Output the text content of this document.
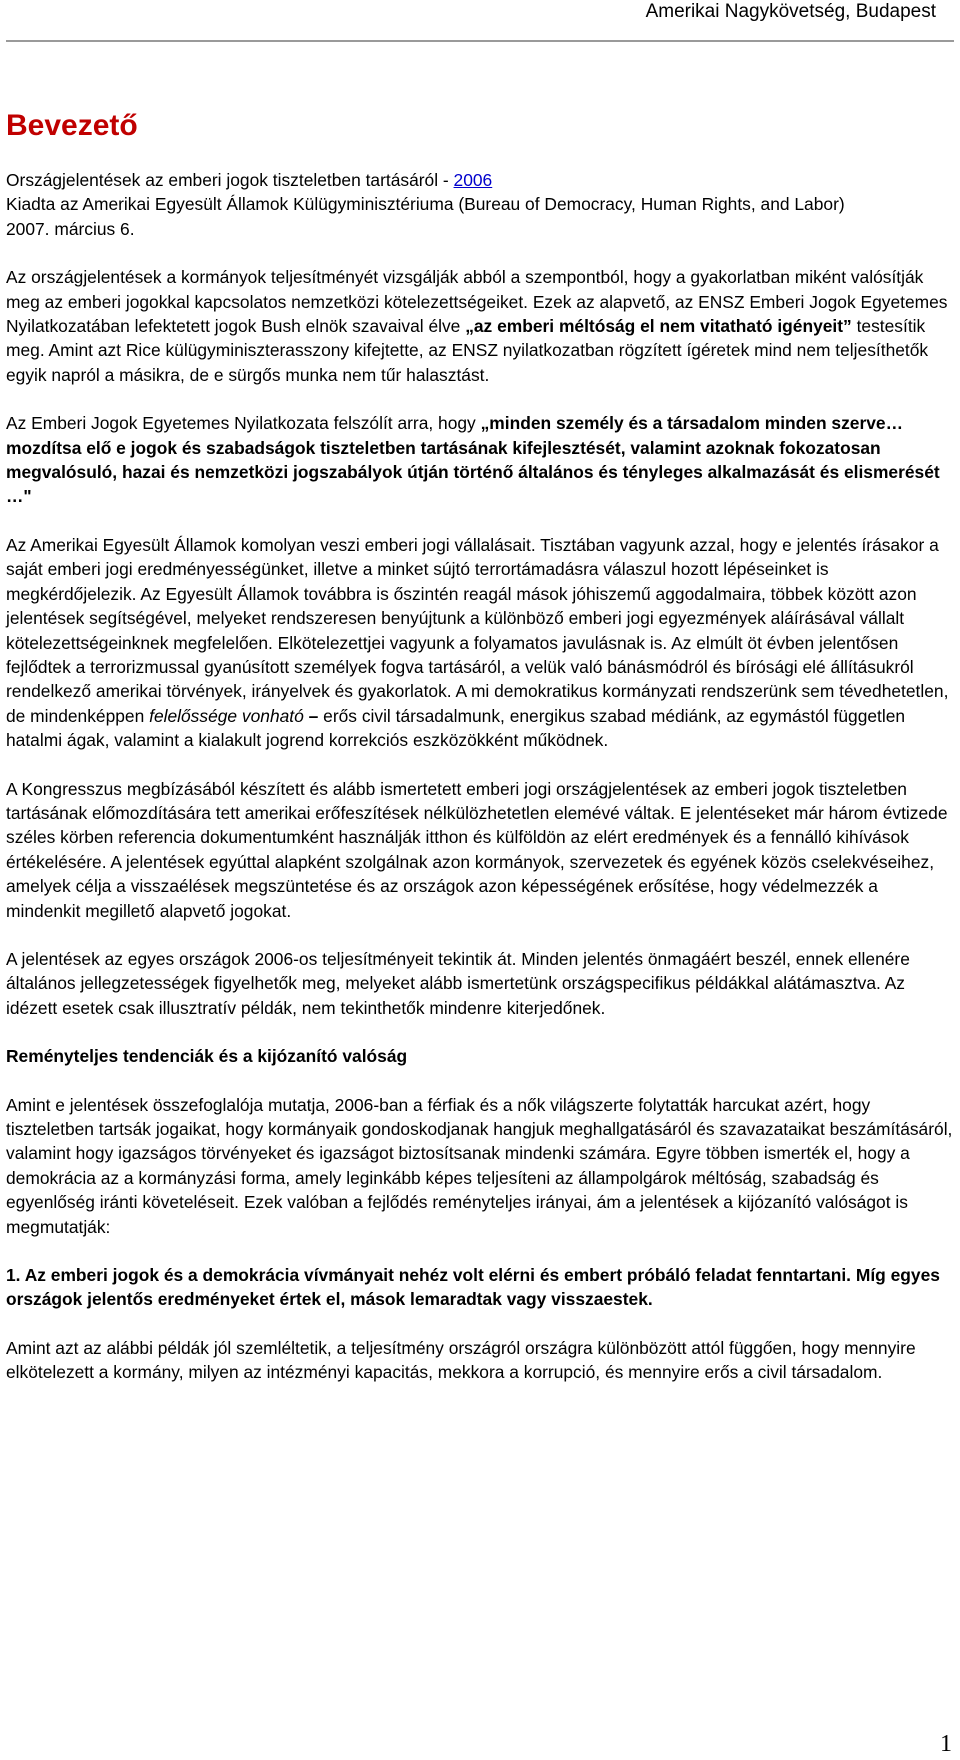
Amerikai Nagykövetség, Budapest
Bevezető

Országjelentések az emberi jogok tiszteletben tartásáról - 2006
Kiadta az Amerikai Egyesült Államok Külügyminisztériuma (Bureau of Democracy, Human Rights, and Labor)
2007. március 6.

Az országjelentések a kormányok teljesítményét vizsgálják abból a szempontból, hogy a gyakorlatban miként valósítják meg az emberi jogokkal kapcsolatos nemzetközi kötelezettségeiket. Ezek az alapvető, az ENSZ Emberi Jogok Egyetemes Nyilatkozatában lefektetett jogok Bush elnök szavaival élve „az emberi méltóság el nem vitatható igényeit” testesítik meg. Amint azt Rice külügyminiszterasszony kifejtette, az ENSZ nyilatkozatban rögzített ígéretek mind nem teljesíthetők egyik napról a másikra, de e sürgős munka nem tűr halasztást.

Az Emberi Jogok Egyetemes Nyilatkozata felszólít arra, hogy „minden személy és a társadalom minden szerve… mozdítsa elő e jogok és szabadságok tiszteletben tartásának kifejlesztését, valamint azoknak fokozatosan megvalósuló, hazai és nemzetközi jogszabályok útján történő általános és tényleges alkalmazását és elismerését …"

Az Amerikai Egyesült Államok komolyan veszi emberi jogi vállalásait. Tisztában vagyunk azzal, hogy e jelentés írásakor a saját emberi jogi eredményességünket, illetve a minket sújtó terrortámadásra válaszul hozott lépéseinket is megkérdőjelezik. Az Egyesült Államok továbbra is őszintén reagál mások jóhiszemű aggodalmaira, többek között azon jelentések segítségével, melyeket rendszeresen benyújtunk a különböző emberi jogi egyezmények aláírásával vállalt kötelezettségeinknek megfelelően. Elkötelezettjei vagyunk a folyamatos javulásnak is. Az elmúlt öt évben jelentősen fejlődtek a terrorizmussal gyanúsított személyek fogva tartásáról, a velük való bánásmódról és bírósági elé állításukról rendelkező amerikai törvények, irányelvek és gyakorlatok. A mi demokratikus kormányzati rendszerünk sem tévedhetetlen, de mindenképpen felelőssége vonható – erős civil társadalmunk, energikus szabad médiánk, az egymástól független hatalmi ágak, valamint a kialakult jogrend korrekciós eszközökként működnek.

A Kongresszus megbízásából készített és alább ismertetett emberi jogi országjelentések az emberi jogok tiszteletben tartásának előmozdítására tett amerikai erőfeszítések nélkülözhetetlen elemévé váltak. E jelentéseket már három évtizede széles körben referencia dokumentumként használják itthon és külföldön az elért eredmények és a fennálló kihívások értékelésére. A jelentések egyúttal alapként szolgálnak azon kormányok, szervezetek és egyének közös cselekvéseihez, amelyek célja a visszaélések megszüntetése és az országok azon képességének erősítése, hogy védelmezzék a mindenkit megillető alapvető jogokat.

A jelentések az egyes országok 2006-os teljesítményeit tekintik át. Minden jelentés önmagáért beszél, ennek ellenére általános jellegzetességek figyelhetők meg, melyeket alább ismertetünk országspecifikus példákkal alátámasztva. Az idézett esetek csak illusztratív példák, nem tekinthetők mindenre kiterjedőnek.

Reményteljes tendenciák és a kijózanító valóság

Amint e jelentések összefoglalója mutatja, 2006-ban a férfiak és a nők világszerte folytatták harcukat azért, hogy tiszteletben tartsák jogaikat, hogy kormányaik gondoskodjanak hangjuk meghallgatásáról és szavazataikat beszámításáról, valamint hogy igazságos törvényeket és igazságot biztosítsanak mindenki számára. Egyre többen ismerték el, hogy a demokrácia az a kormányzási forma, amely leginkább képes teljesíteni az állampolgárok méltóság, szabadság és egyenlőség iránti követeléseit. Ezek valóban a fejlődés reményteljes irányai, ám a jelentések a kijózanító valóságot is megmutatják:

1. Az emberi jogok és a demokrácia vívmányait nehéz volt elérni és embert próbáló feladat fenntartani. Míg egyes országok jelentős eredményeket értek el, mások lemaradtak vagy visszaestek.

Amint azt az alábbi példák jól szemléltetik, a teljesítmény országról országra különbözött attól függően, hogy mennyire elkötelezett a kormány, milyen az intézményi kapacitás, mekkora a korrupció, és mennyire erős a civil társadalom.

1
